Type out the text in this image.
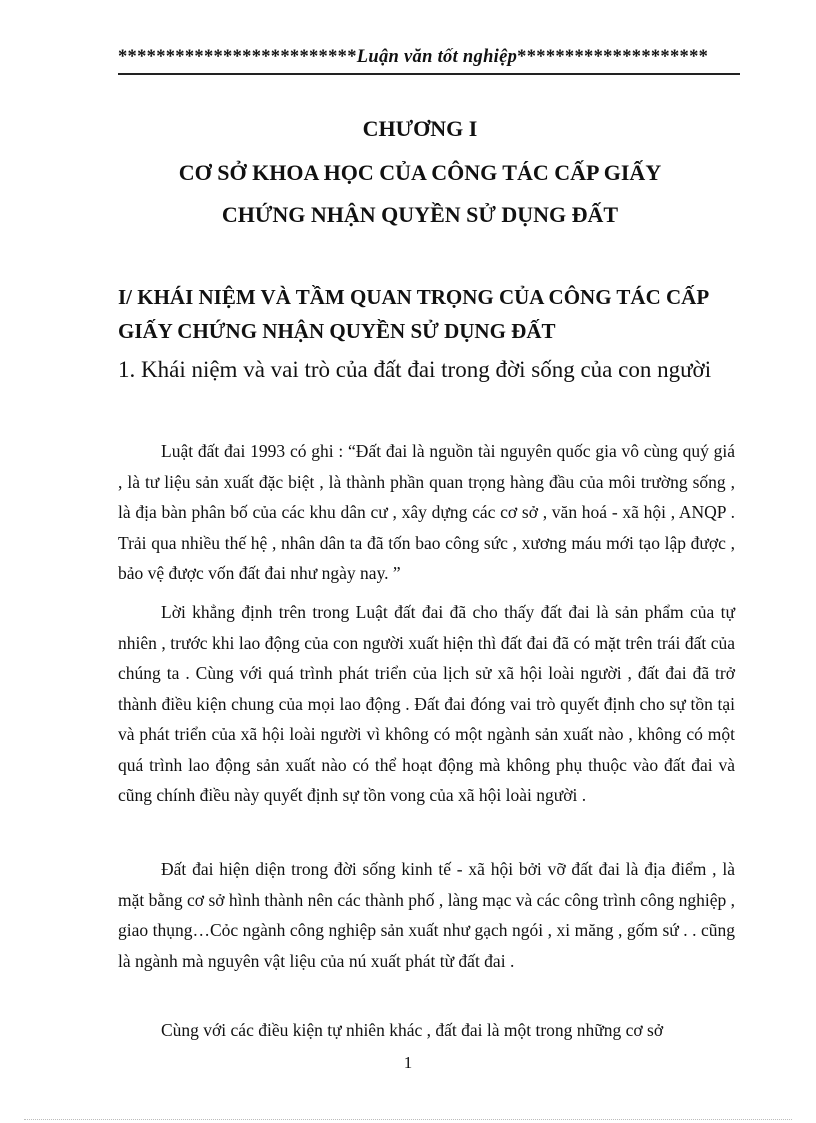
*************************Luận văn tốt nghiệp********************
CHƯƠNG I
CƠ SỞ KHOA HỌC CỦA CÔNG TÁC CẤP GIẤY
CHỨNG NHẬN QUYỀN SỬ DỤNG ĐẤT
I/ KHÁI NIỆM VÀ TẦM QUAN TRỌNG CỦA CÔNG TÁC CẤP
GIẤY CHỨNG NHẬN QUYỀN SỬ DỤNG ĐẤT
1. Khái niệm và vai trò của đất đai trong đời sống của con người
Luật đất đai 1993 có ghi : “Đất đai là nguồn tài nguyên quốc gia vô cùng quý giá , là tư liệu sản xuất đặc biệt , là thành phần quan trọng hàng đầu của môi trường sống , là địa bàn phân bố của các khu dân cư , xây dựng các cơ sở , văn hoá - xã hội , ANQP . Trải qua nhiều thế hệ , nhân dân ta đã tốn bao công sức , xương máu mới tạo lập được , bảo vệ được vốn đất đai như ngày nay. ”
Lời khẳng định trên trong Luật đất đai đã cho thấy đất đai là sản phẩm của tự nhiên , trước khi lao động của con người xuất hiện thì đất đai đã có mặt trên trái đất của chúng ta . Cùng với quá trình phát triển của lịch sử xã hội loài người , đất đai đã trở thành điều kiện chung của mọi lao động . Đất đai đóng vai trò quyết định cho sự tồn tại và phát triển của xã hội loài người vì không có một ngành sản xuất nào , không có một quá trình lao động sản xuất nào có thể hoạt động mà không phụ thuộc vào đất đai và cũng chính điều này quyết định sự tồn vong của xã hội loài người .
Đất đai hiện diện trong đời sống kinh tế - xã hội bởi vỡ đất đai là địa điểm , là mặt bằng cơ sở hình thành nên các thành phố , làng mạc và các công trình công nghiệp , giao thụng…Cỏc ngành công nghiệp sản xuất như gạch ngói , xi măng , gốm sứ . . cũng là ngành mà nguyên vật liệu của nú xuất phát từ đất đai .
Cùng với các điều kiện tự nhiên khác , đất đai là một trong những cơ sở
1
